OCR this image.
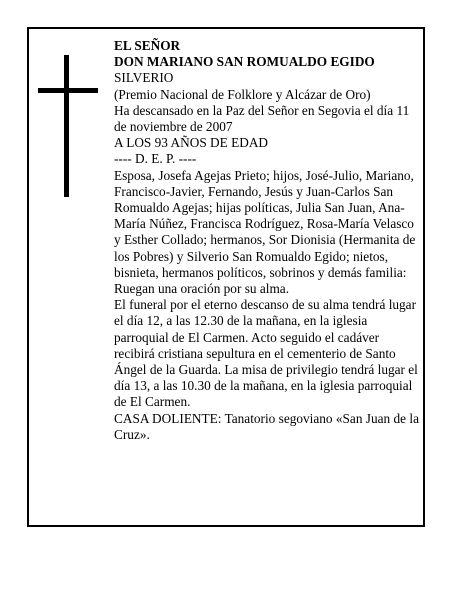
EL SEÑOR

DON MARIANO SAN ROMUALDO EGIDO

SILVERIO

(Premio Nacional de Folklore y Alcázar de Oro)

Ha descansado en la Paz del Señor en Segovia el día 11 de noviembre de 2007

A LOS 93 AÑOS DE EDAD

---- D. E. P. ----

Esposa, Josefa Agejas Prieto; hijos, José-Julio, Mariano, Francisco-Javier, Fernando, Jesús y Juan-Carlos San Romualdo Agejas; hijas políticas, Julia San Juan, Ana-María Núñez, Francisca Rodríguez, Rosa-María Velasco y Esther Collado; hermanos, Sor Dionisia (Hermanita de los Pobres) y Silverio San Romualdo Egido; nietos, bisnieta, hermanos políticos, sobrinos y demás familia:

Ruegan una oración por su alma.

El funeral por el eterno descanso de su alma tendrá lugar el día 12, a las 12.30 de la mañana, en la iglesia parroquial de El Carmen. Acto seguido el cadáver recibirá cristiana sepultura en el cementerio de Santo Ángel de la Guarda. La misa de privilegio tendrá lugar el día 13, a las 10.30 de la mañana, en la iglesia parroquial de El Carmen.

CASA DOLIENTE: Tanatorio segoviano «San Juan de la Cruz».
